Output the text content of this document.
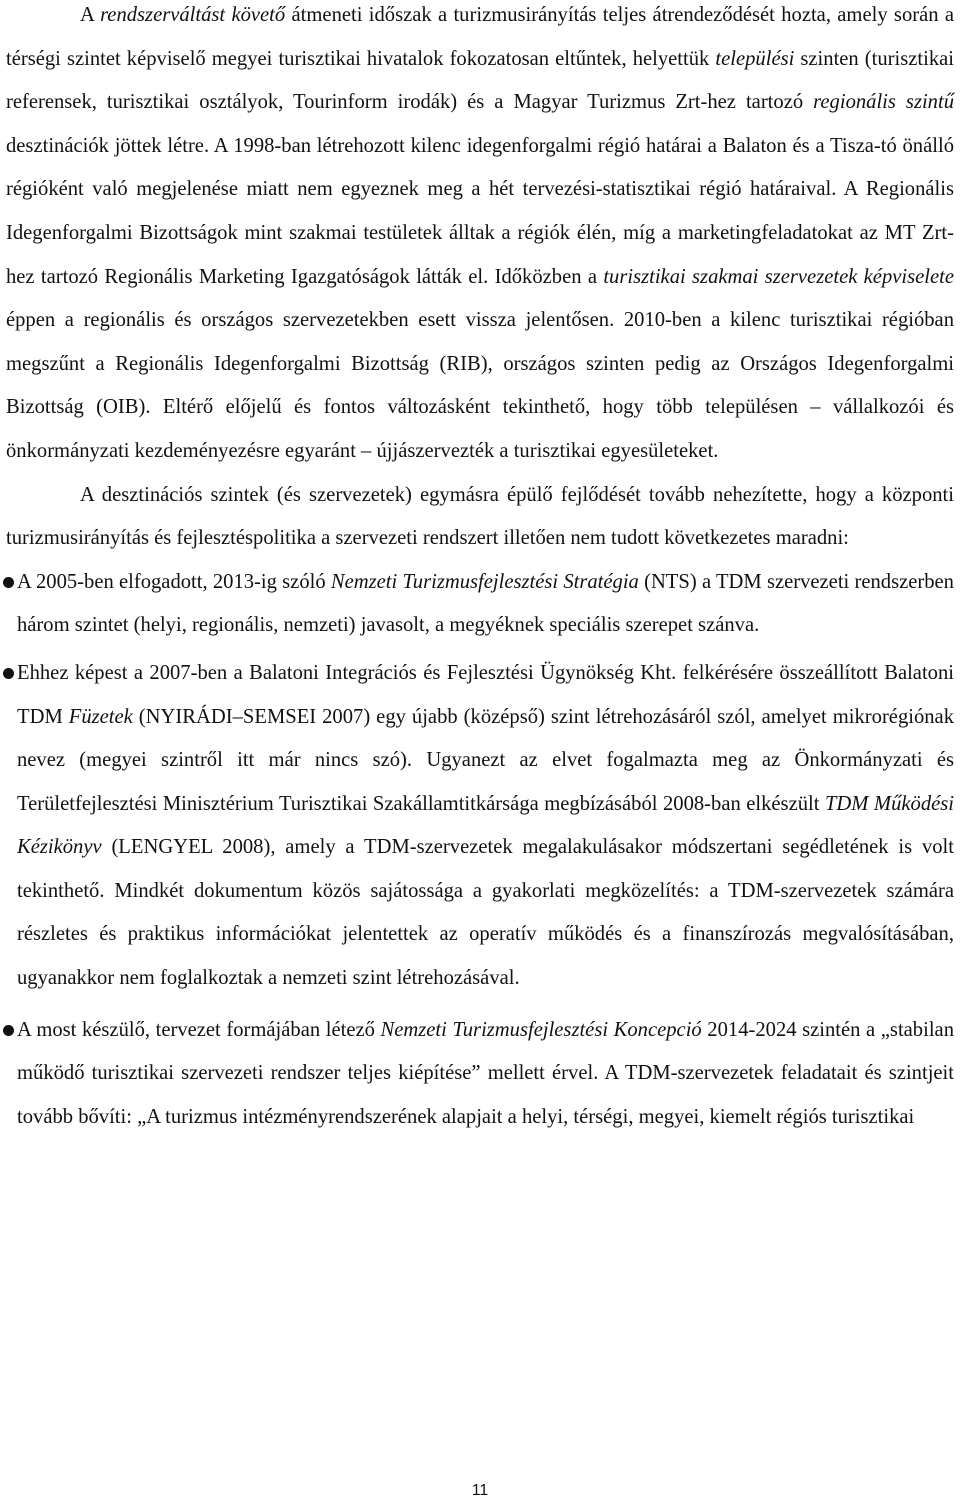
A rendszerváltást követő átmeneti időszak a turizmusirányítás teljes átrendeződését hozta, amely során a térségi szintet képviselő megyei turisztikai hivatalok fokozatosan eltűntek, helyettük települési szinten (turisztikai referensek, turisztikai osztályok, Tourinform irodák) és a Magyar Turizmus Zrt-hez tartozó regionális szintű desztinációk jöttek létre. A 1998-ban létrehozott kilenc idegenforgalmi régió határai a Balaton és a Tisza-tó önálló régióként való megjelenése miatt nem egyeznek meg a hét tervezési-statisztikai régió határaival. A Regionális Idegenforgalmi Bizottságok mint szakmai testületek álltak a régiók élén, míg a marketingfeladatokat az MT Zrt-hez tartozó Regionális Marketing Igazgatóságok látták el. Időközben a turisztikai szakmai szervezetek képviselete éppen a regionális és országos szervezetekben esett vissza jelentősen. 2010-ben a kilenc turisztikai régióban megszűnt a Regionális Idegenforgalmi Bizottság (RIB), országos szinten pedig az Országos Idegenforgalmi Bizottság (OIB). Eltérő előjelű és fontos változásként tekinthető, hogy több településen – vállalkozói és önkormányzati kezdeményezésre egyaránt – újjászervezték a turisztikai egyesületeket.

A desztinációs szintek (és szervezetek) egymásra épülő fejlődését tovább nehezítette, hogy a központi turizmusirányítás és fejlesztéspolitika a szervezeti rendszert illetően nem tudott következetes maradni:

A 2005-ben elfogadott, 2013-ig szóló Nemzeti Turizmusfejlesztési Stratégia (NTS) a TDM szervezeti rendszerben három szintet (helyi, regionális, nemzeti) javasolt, a megyéknek speciális szerepet szánva.
Ehhez képest a 2007-ben a Balatoni Integrációs és Fejlesztési Ügynökség Kht. felkérésére összeállított Balatoni TDM Füzetek (NYIRÁDI–SEMSEI 2007) egy újabb (középső) szint létrehozásáról szól, amelyet mikrorégiónak nevez (megyei szintről itt már nincs szó). Ugyanezt az elvet fogalmazta meg az Önkormányzati és Területfejlesztési Minisztérium Turisztikai Szakállamtitkársága megbízásából 2008-ban elkészült TDM Működési Kézikönyv (LENGYEL 2008), amely a TDM-szervezetek megalakulásakor módszertani segédletének is volt tekinthető. Mindkét dokumentum közös sajátossága a gyakorlati megközelítés: a TDM-szervezetek számára részletes és praktikus információkat jelentettek az operatív működés és a finanszírozás megvalósításában, ugyanakkor nem foglalkoztak a nemzeti szint létrehozásával.
A most készülő, tervezet formájában létező Nemzeti Turizmusfejlesztési Koncepció 2014-2024 szintén a „stabilan működő turisztikai szervezeti rendszer teljes kiépítése” mellett érvel. A TDM-szervezetek feladatait és szintjeit tovább bővíti: „A turizmus intézményrendszerének alapjait a helyi, térségi, megyei, kiemelt régiós turisztikai
11
